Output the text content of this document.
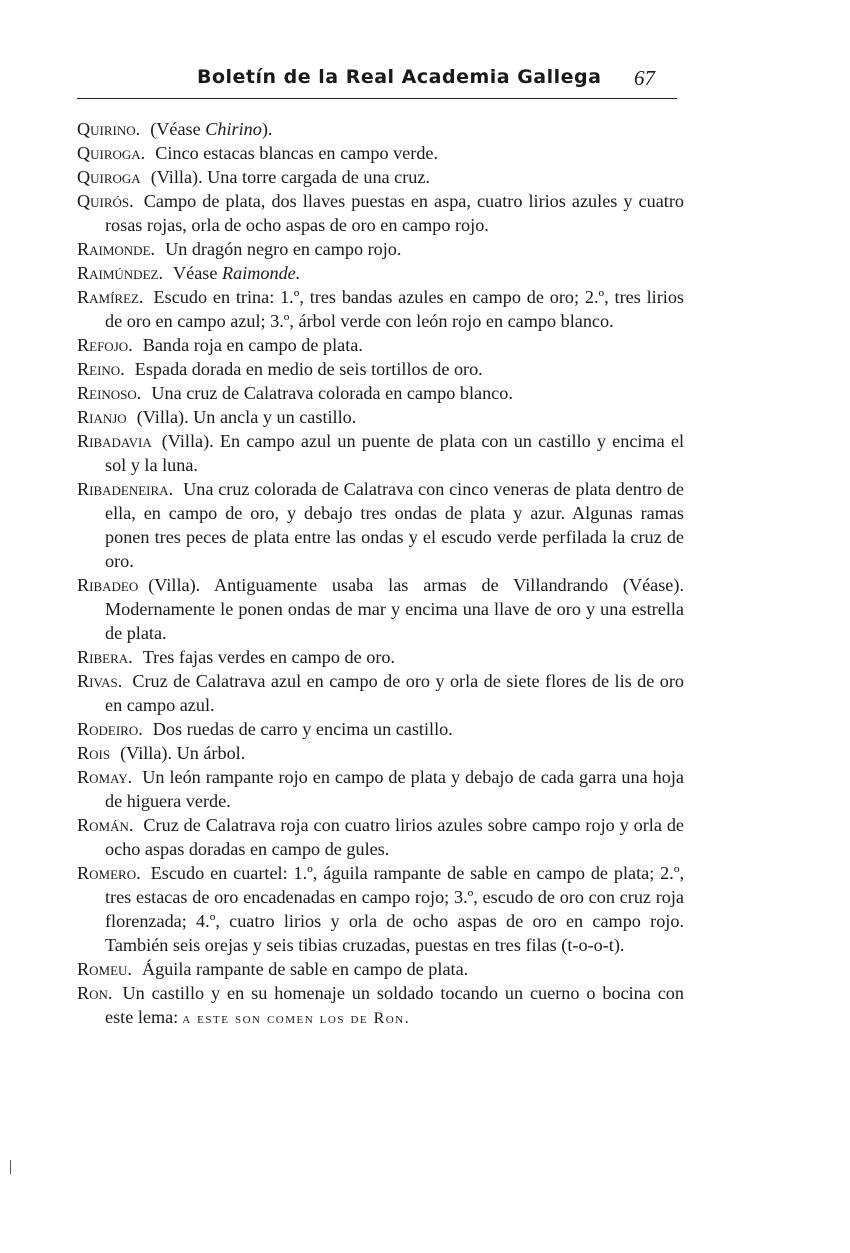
Boletín de la Real Academia Gallega 67
Quirino. (Véase Chirino).
Quiroga. Cinco estacas blancas en campo verde.
Quiroga (Villa). Una torre cargada de una cruz.
Quirós. Campo de plata, dos llaves puestas en aspa, cuatro lirios azules y cuatro rosas rojas, orla de ocho aspas de oro en campo rojo.
Raimonde. Un dragón negro en campo rojo.
Raimúndez. Véase Raimonde.
Ramírez. Escudo en trina: 1.º, tres bandas azules en campo de oro; 2.º, tres lirios de oro en campo azul; 3.º, árbol verde con león rojo en campo blanco.
Refojo. Banda roja en campo de plata.
Reino. Espada dorada en medio de seis tortillos de oro.
Reinoso. Una cruz de Calatrava colorada en campo blanco.
Rianjo (Villa). Un ancla y un castillo.
Ribadavia (Villa). En campo azul un puente de plata con un castillo y encima el sol y la luna.
Ribadeneira. Una cruz colorada de Calatrava con cinco veneras de plata dentro de ella, en campo de oro, y debajo tres ondas de plata y azur. Algunas ramas ponen tres peces de plata entre las ondas y el escudo verde perfilada la cruz de oro.
Ribadeo (Villa). Antiguamente usaba las armas de Villandrando (Véase). Modernamente le ponen ondas de mar y encima una llave de oro y una estrella de plata.
Ribera. Tres fajas verdes en campo de oro.
Rivas. Cruz de Calatrava azul en campo de oro y orla de siete flores de lis de oro en campo azul.
Rodeiro. Dos ruedas de carro y encima un castillo.
Rois (Villa). Un árbol.
Romay. Un león rampante rojo en campo de plata y debajo de cada garra una hoja de higuera verde.
Román. Cruz de Calatrava roja con cuatro lirios azules sobre campo rojo y orla de ocho aspas doradas en campo de gules.
Romero. Escudo en cuartel: 1.º, águila rampante de sable en campo de plata; 2.º, tres estacas de oro encadenadas en campo rojo; 3.º, escudo de oro con cruz roja florenzada; 4.º, cuatro lirios y orla de ocho aspas de oro en campo rojo. También seis orejas y seis tibias cruzadas, puestas en tres filas (t-o-o-t).
Romeu. Águila rampante de sable en campo de plata.
Ron. Un castillo y en su homenaje un soldado tocando un cuerno o bocina con este lema: a este son comen los de Ron.
